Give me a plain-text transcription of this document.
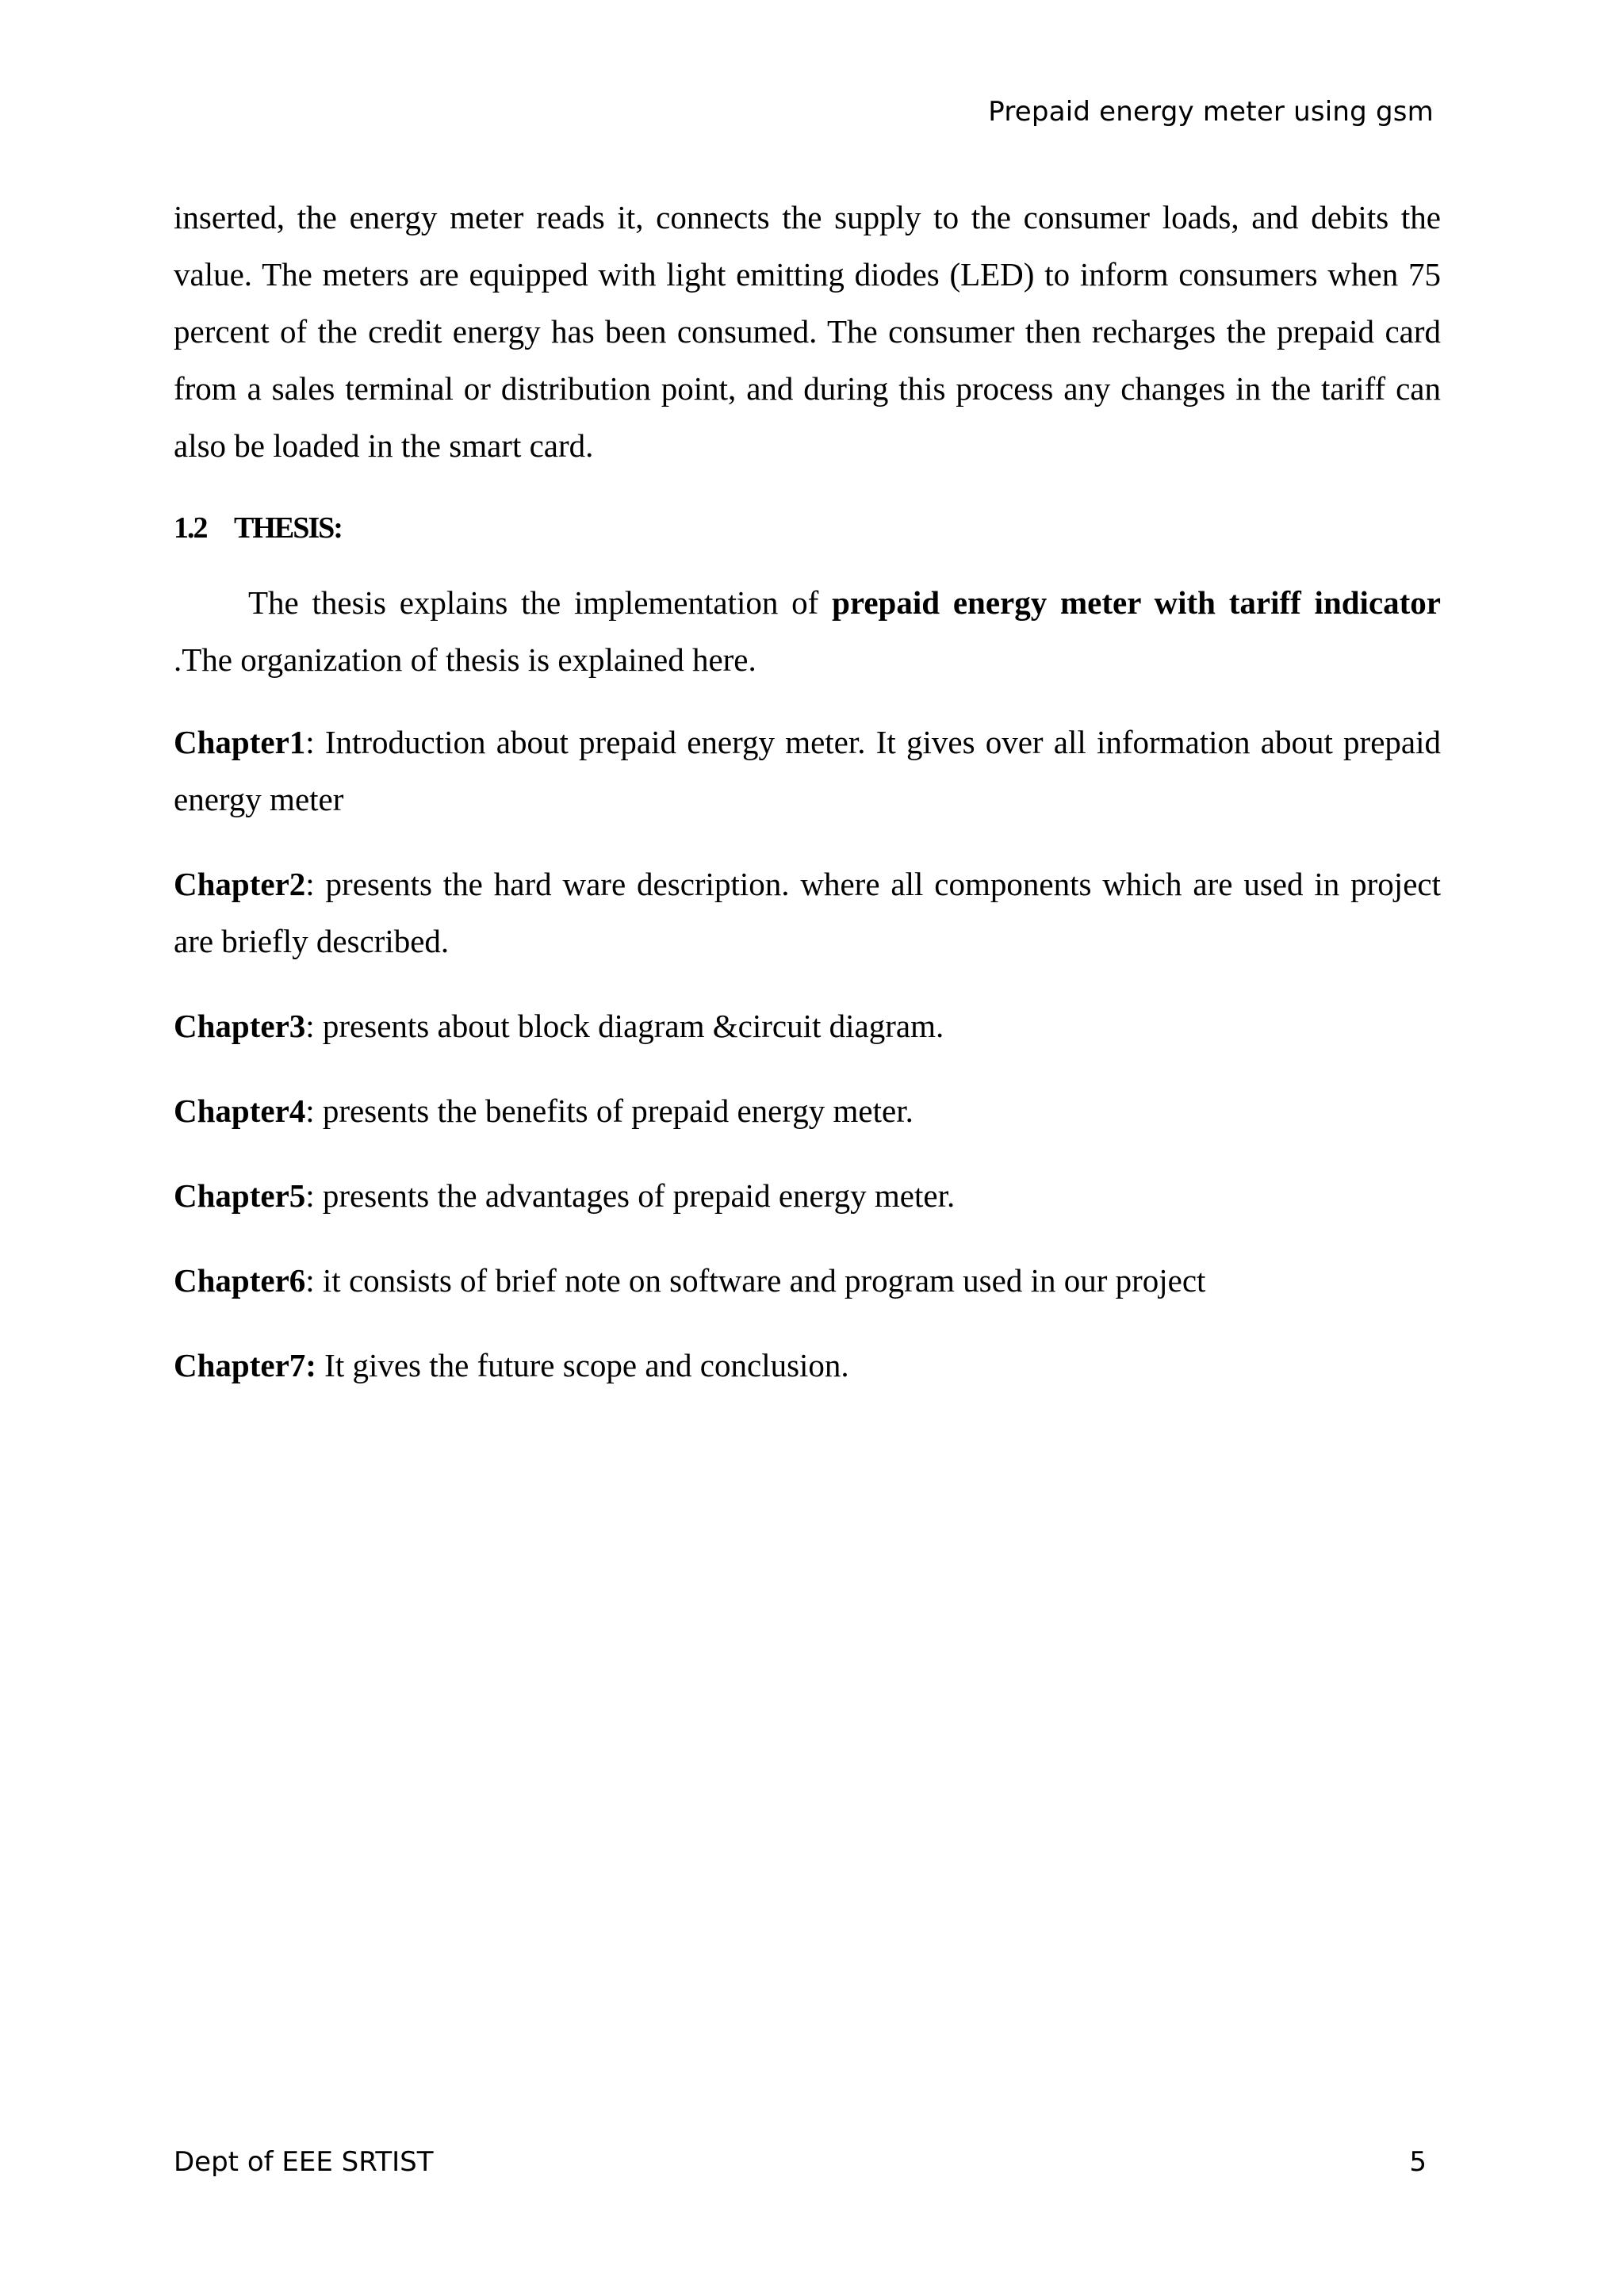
Prepaid energy meter using gsm

inserted, the energy meter reads it, connects the supply to the consumer loads, and debits the value. The meters are equipped with light emitting diodes (LED) to inform consumers when 75 percent of the credit energy has been consumed. The consumer then recharges the prepaid card from a sales terminal or distribution point, and during this process any changes in the tariff can also be loaded in the smart card.

1.2 THESIS:

The thesis explains the implementation of prepaid energy meter with tariff indicator .The organization of thesis is explained here.

Chapter1: Introduction about prepaid energy meter. It gives over all information about prepaid energy meter

Chapter2: presents the hard ware description. where all components which are used in project are briefly described.

Chapter3: presents about block diagram &circuit diagram.

Chapter4: presents the benefits of prepaid energy meter.

Chapter5: presents the advantages of prepaid energy meter.

Chapter6: it consists of brief note on software and program used in our project

Chapter7: It gives the future scope and conclusion.

Dept of EEE SRTIST	5
